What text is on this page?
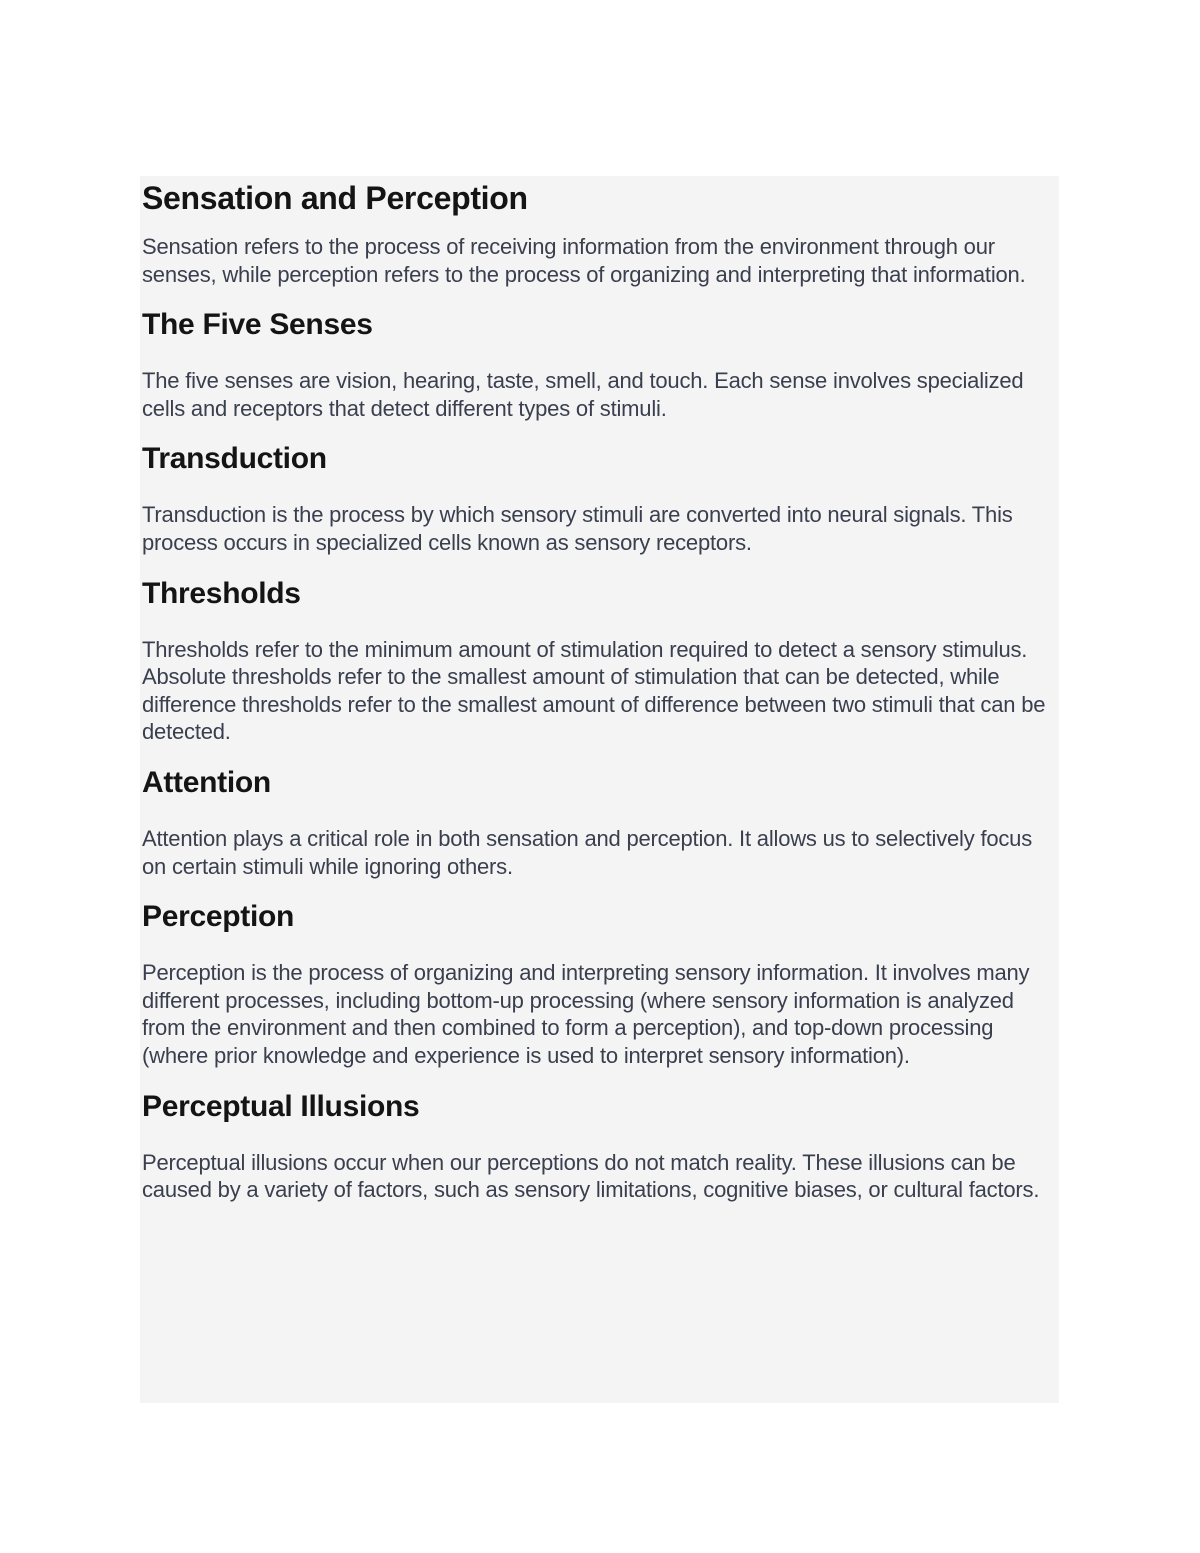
Sensation and Perception

Sensation refers to the process of receiving information from the environment through our senses, while perception refers to the process of organizing and interpreting that information.

The Five Senses

The five senses are vision, hearing, taste, smell, and touch. Each sense involves specialized cells and receptors that detect different types of stimuli.

Transduction

Transduction is the process by which sensory stimuli are converted into neural signals. This process occurs in specialized cells known as sensory receptors.

Thresholds

Thresholds refer to the minimum amount of stimulation required to detect a sensory stimulus. Absolute thresholds refer to the smallest amount of stimulation that can be detected, while difference thresholds refer to the smallest amount of difference between two stimuli that can be detected.

Attention

Attention plays a critical role in both sensation and perception. It allows us to selectively focus on certain stimuli while ignoring others.

Perception

Perception is the process of organizing and interpreting sensory information. It involves many different processes, including bottom-up processing (where sensory information is analyzed from the environment and then combined to form a perception), and top-down processing (where prior knowledge and experience is used to interpret sensory information).

Perceptual Illusions

Perceptual illusions occur when our perceptions do not match reality. These illusions can be caused by a variety of factors, such as sensory limitations, cognitive biases, or cultural factors.
